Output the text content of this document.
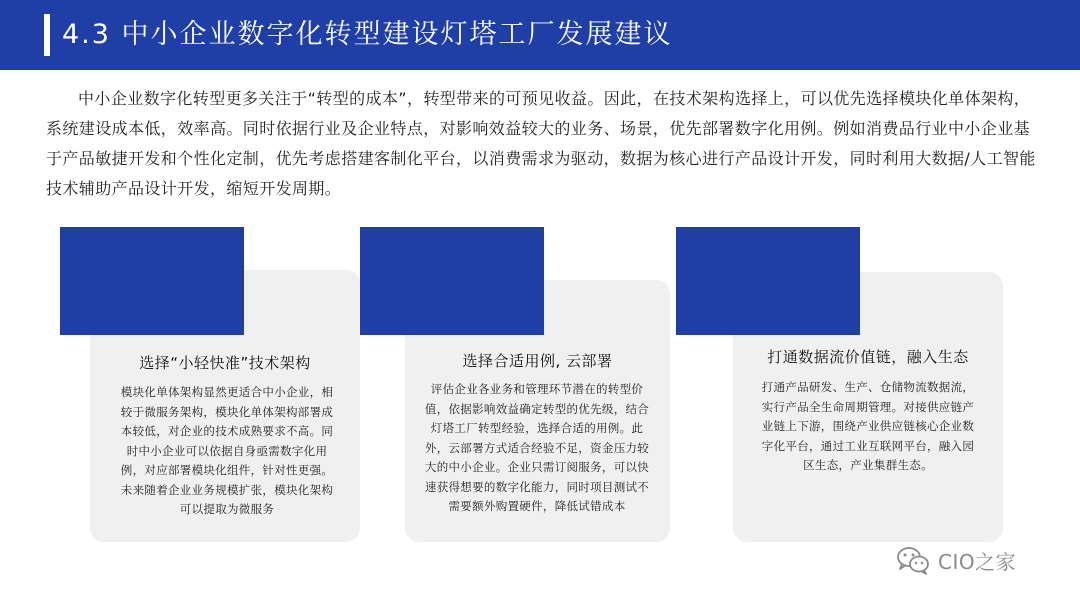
4.3 中小企业数字化转型建设灯塔工厂发展建议
中小企业数字化转型更多关注于“转型的成本”，转型带来的可预见收益。因此，在技术架构选择上，可以优先选择模块化单体架构，系统建设成本低，效率高。同时依据行业及企业特点，对影响效益较大的业务、场景，优先部署数字化用例。例如消费品行业中小企业基于产品敏捷开发和个性化定制，优先考虑搭建客制化平台，以消费需求为驱动，数据为核心进行产品设计开发，同时利用大数据/人工智能技术辅助产品设计开发，缩短开发周期。
选择“小轻快准”技术架构
模块化单体架构显然更适合中小企业，相较于微服务架构，模块化单体架构部署成本较低，对企业的技术成熟要求不高。同时中小企业可以依据自身亟需数字化用例，对应部署模块化组件，针对性更强。未来随着企业业务规模扩张，模块化架构可以提取为微服务
选择合适用例, 云部署
评估企业各业务和管理环节潜在的转型价值，依据影响效益确定转型的优先级，结合灯塔工厂转型经验，选择合适的用例。此外，云部署方式适合经验不足，资金压力较大的中小企业。企业只需订阅服务，可以快速获得想要的数字化能力，同时项目测试不需要额外购置硬件，降低试错成本
打通数据流价值链，融入生态
打通产品研发、生产、仓储物流数据流，实行产品全生命周期管理。对接供应链产业链上下游，围绕产业供应链核心企业数字化平台，通过工业互联网平台，融入园区生态，产业集群生态。
CIO之家
